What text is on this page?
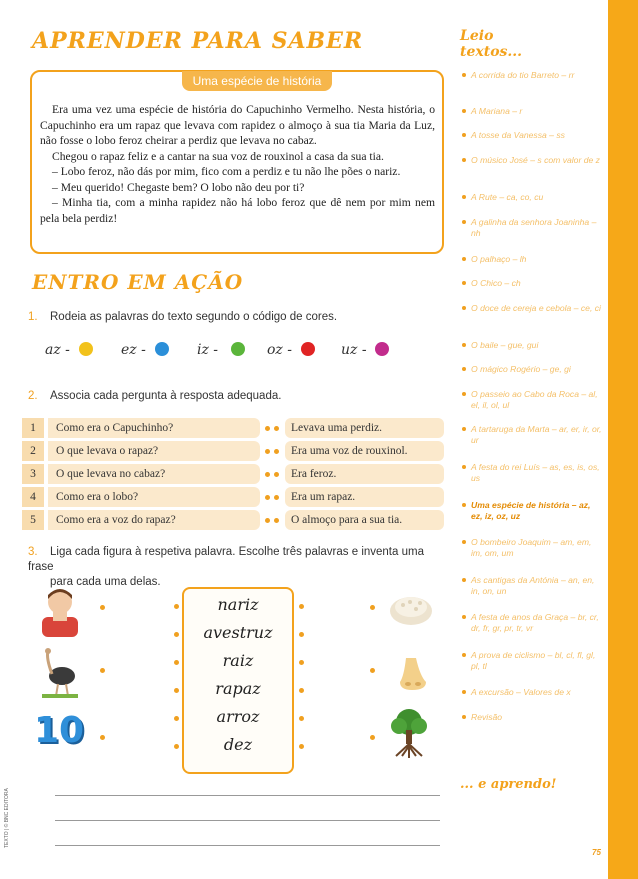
APRENDER PARA SABER
Uma espécie de história

Era uma vez uma espécie de história do Capuchinho Vermelho. Nesta história, o Capuchinho era um rapaz que levava com rapidez o almoço à sua tia Maria da Luz, não fosse o lobo feroz cheirar a perdiz que levava no cabaz.

Chegou o rapaz feliz e a cantar na sua voz de rouxinol a casa da sua tia.

– Lobo feroz, não dás por mim, fico com a perdiz e tu não lhe pões o nariz.

– Meu querido! Chegaste bem? O lobo não deu por ti?

– Minha tia, com a minha rapidez não há lobo feroz que dê nem por mim nem pela bela perdiz!

ENTRO EM AÇÃO
1. Rodeia as palavras do texto segundo o código de cores.
az -	ez -	iz -	oz -	uz -
2. Associa cada pergunta à resposta adequada.
1	Como era o Capuchinho?	Levava uma perdiz.
2	O que levava o rapaz?	Era uma voz de rouxinol.
3	O que levava no cabaz?	Era feroz.
4	Como era o lobo?	Era um rapaz.
5	Como era a voz do rapaz?	O almoço para a sua tia.
3. Liga cada figura à respetiva palavra. Escolhe três palavras e inventa uma frase
para cada uma delas.
10
nariz
avestruz
raiz
rapaz
arroz
dez
TEXTO | © BNC EDITORA
Leio
textos...
A corrida do tio Barreto – rr
A Mariana – r
A tosse da Vanessa – ss
O músico José – s com valor de z
A Rute – ca, co, cu
A galinha da senhora Joaninha – nh
O palhaço – lh
O Chico – ch
O doce de cereja e cebola – ce, ci
O baile – gue, gui
O mágico Rogério – ge, gi
O passeio ao Cabo da Roca – al, el, il, ol, ul
A tartaruga da Marta – ar, er, ir, or, ur
A festa do rei Luís – as, es, is, os, us
Uma espécie de história – az, ez, iz, oz, uz
O bombeiro Joaquim – am, em, im, om, um
As cantigas da Antónia – an, en, in, on, un
A festa de anos da Graça – br, cr, dr, fr, gr, pr, tr, vr
A prova de ciclismo – bl, cl, fl, gl, pl, tl
A excursão – Valores de x
Revisão
... e aprendo!
75
